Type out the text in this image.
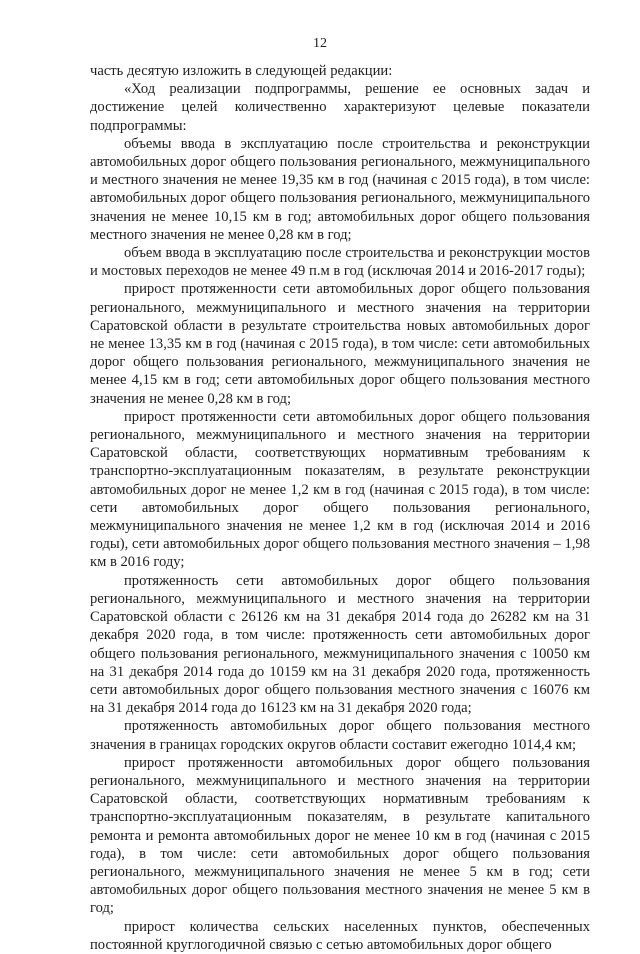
12

часть десятую изложить в следующей редакции:

«Ход реализации подпрограммы, решение ее основных задач и достижение целей количественно характеризуют целевые показатели подпрограммы:

объемы ввода в эксплуатацию после строительства и реконструкции автомобильных дорог общего пользования регионального, межмуниципального и местного значения не менее 19,35 км в год (начиная с 2015 года), в том числе: автомобильных дорог общего пользования регионального, межмуниципального значения не менее 10,15 км в год; автомобильных дорог общего пользования местного значения не менее 0,28 км в год;

объем ввода в эксплуатацию после строительства и реконструкции мостов и мостовых переходов не менее 49 п.м в год (исключая 2014 и 2016-2017 годы);

прирост протяженности сети автомобильных дорог общего пользования регионального, межмуниципального и местного значения на территории Саратовской области в результате строительства новых автомобильных дорог не менее 13,35 км в год (начиная с 2015 года), в том числе: сети автомобильных дорог общего пользования регионального, межмуниципального значения не менее 4,15 км в год; сети автомобильных дорог общего пользования местного значения не менее 0,28 км в год;

прирост протяженности сети автомобильных дорог общего пользования регионального, межмуниципального и местного значения на территории Саратовской области, соответствующих нормативным требованиям к транспортно-эксплуатационным показателям, в результате реконструкции автомобильных дорог не менее 1,2 км в год (начиная с 2015 года), в том числе: сети автомобильных дорог общего пользования регионального, межмуниципального значения не менее 1,2 км в год (исключая 2014 и 2016 годы), сети автомобильных дорог общего пользования местного значения – 1,98 км в 2016 году;

протяженность сети автомобильных дорог общего пользования регионального, межмуниципального и местного значения на территории Саратовской области с 26126 км на 31 декабря 2014 года до 26282 км на 31 декабря 2020 года, в том числе: протяженность сети автомобильных дорог общего пользования регионального, межмуниципального значения с 10050 км на 31 декабря 2014 года до 10159 км на 31 декабря 2020 года, протяженность сети автомобильных дорог общего пользования местного значения с 16076 км на 31 декабря 2014 года до 16123 км на 31 декабря 2020 года;

протяженность автомобильных дорог общего пользования местного значения в границах городских округов области составит ежегодно 1014,4 км;

прирост протяженности автомобильных дорог общего пользования регионального, межмуниципального и местного значения на территории Саратовской области, соответствующих нормативным требованиям к транспортно-эксплуатационным показателям, в результате капитального ремонта и ремонта автомобильных дорог не менее 10 км в год (начиная с 2015 года), в том числе: сети автомобильных дорог общего пользования регионального, межмуниципального значения не менее 5 км в год; сети автомобильных дорог общего пользования местного значения не менее 5 км в год;

прирост количества сельских населенных пунктов, обеспеченных постоянной круглогодичной связью с сетью автомобильных дорог общего
